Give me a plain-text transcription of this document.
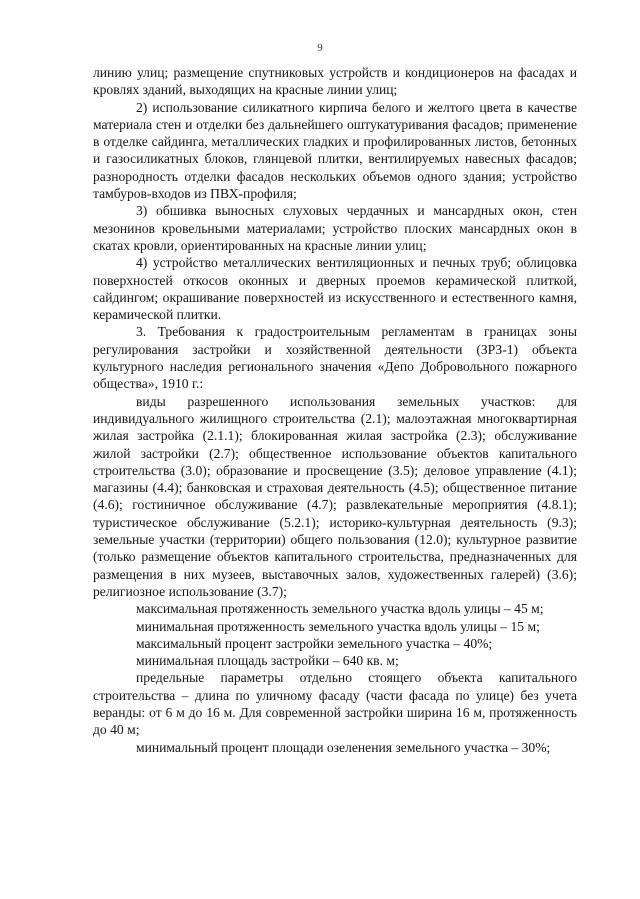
9

линию улиц; размещение спутниковых устройств и кондиционеров на фасадах и кровлях зданий, выходящих на красные линии улиц;

2) использование силикатного кирпича белого и желтого цвета в качестве материала стен и отделки без дальнейшего оштукатуривания фасадов; применение в отделке сайдинга, металлических гладких и профилированных листов, бетонных и газосиликатных блоков, глянцевой плитки, вентилируемых навесных фасадов; разнородность отделки фасадов нескольких объемов одного здания; устройство тамбуров-входов из ПВХ-профиля;

3) обшивка выносных слуховых чердачных и мансардных окон, стен мезонинов кровельными материалами; устройство плоских мансардных окон в скатах кровли, ориентированных на красные линии улиц;

4) устройство металлических вентиляционных и печных труб; облицовка поверхностей откосов оконных и дверных проемов керамической плиткой, сайдингом; окрашивание поверхностей из искусственного и естественного камня, керамической плитки.

3. Требования к градостроительным регламентам в границах зоны регулирования застройки и хозяйственной деятельности (ЗРЗ-1) объекта культурного наследия регионального значения «Депо Добровольного пожарного общества», 1910 г.:

виды разрешенного использования земельных участков: для индивидуального жилищного строительства (2.1); малоэтажная многоквартирная жилая застройка (2.1.1); блокированная жилая застройка (2.3); обслуживание жилой застройки (2.7); общественное использование объектов капитального строительства (3.0); образование и просвещение (3.5); деловое управление (4.1); магазины (4.4); банковская и страховая деятельность (4.5); общественное питание (4.6); гостиничное обслуживание (4.7); развлекательные мероприятия (4.8.1); туристическое обслуживание (5.2.1); историко-культурная деятельность (9.3); земельные участки (территории) общего пользования (12.0); культурное развитие (только размещение объектов капитального строительства, предназначенных для размещения в них музеев, выставочных залов, художественных галерей) (3.6); религиозное использование (3.7);

максимальная протяженность земельного участка вдоль улицы – 45 м;

минимальная протяженность земельного участка вдоль улицы – 15 м;

максимальный процент застройки земельного участка – 40%;

минимальная площадь застройки – 640 кв. м;

предельные параметры отдельно стоящего объекта капитального строительства – длина по уличному фасаду (части фасада по улице) без учета веранды: от 6 м до 16 м. Для современной застройки ширина 16 м, протяженность до 40 м;

минимальный процент площади озеленения земельного участка – 30%;
